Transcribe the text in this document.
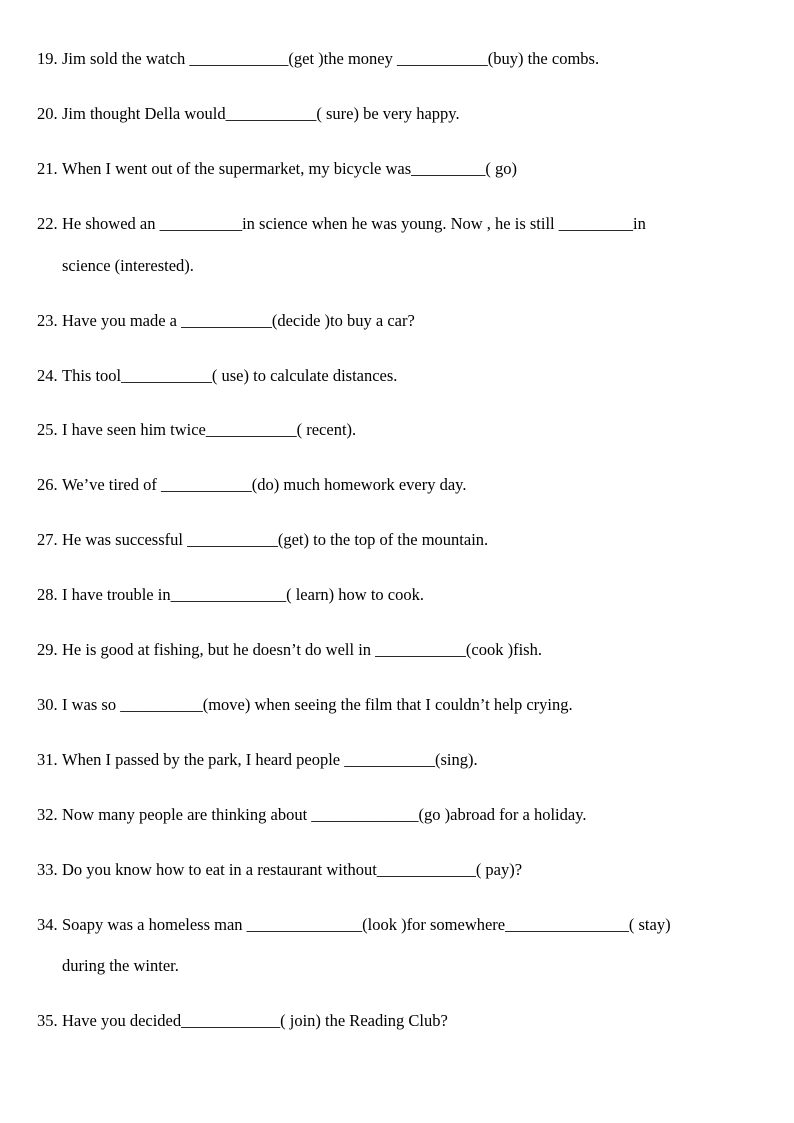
19. Jim sold the watch ____________(get )the money ___________(buy) the combs.
20. Jim thought Della would___________( sure) be very happy.
21. When I went out of the supermarket, my bicycle was_________( go)
22. He showed an __________in science when he was young. Now , he is still _________in
science (interested).
23. Have you made a ___________(decide )to buy a car?
24. This tool___________( use) to calculate distances.
25. I have seen him twice___________( recent).
26. We’ve tired of ___________(do) much homework every day.
27. He was successful ___________(get) to the top of the mountain.
28. I have trouble in______________( learn) how to cook.
29. He is good at fishing, but he doesn’t do well in ___________(cook )fish.
30. I was so __________(move) when seeing the film that I couldn’t help crying.
31. When I passed by the park, I heard people ___________(sing).
32. Now many people are thinking about _____________(go )abroad for a holiday.
33. Do you know how to eat in a restaurant without____________( pay)?
34. Soapy was a homeless man ______________(look )for somewhere_______________( stay)
during the winter.
35. Have you decided____________( join) the Reading Club?
